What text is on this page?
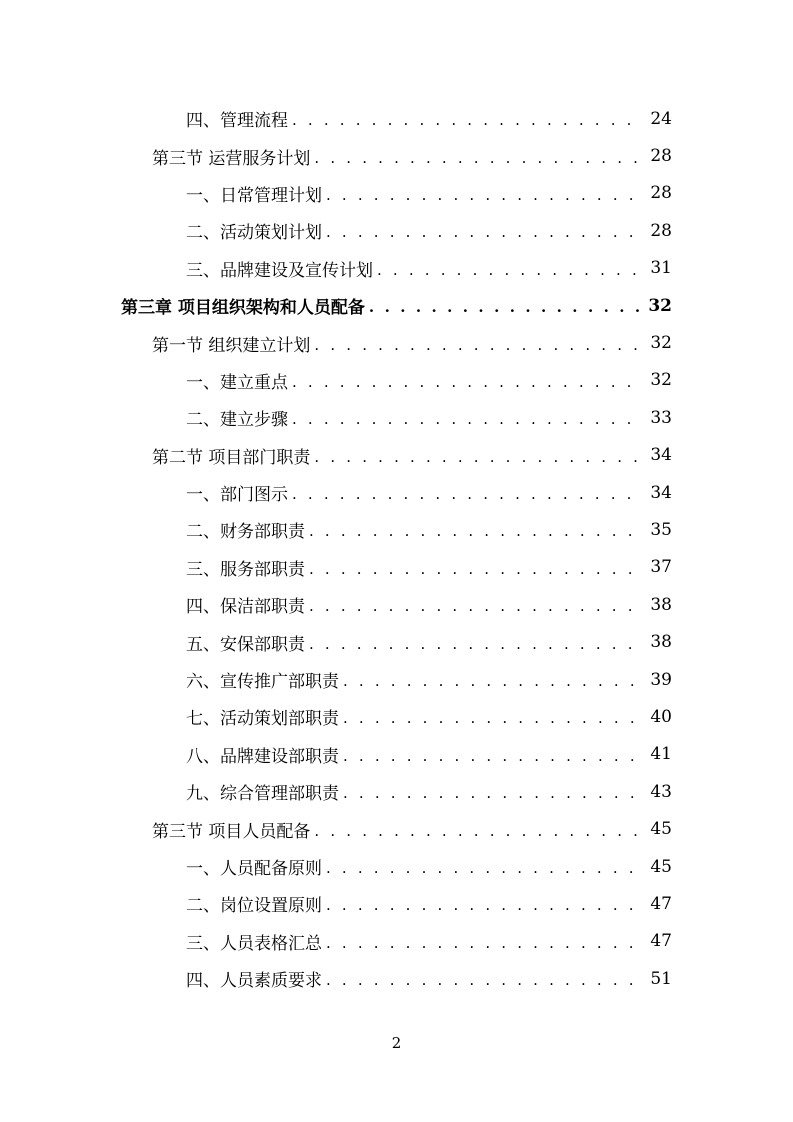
四、管理流程 . . .	24
第三节 运营服务计划 . . .	28
一、日常管理计划 . . .	28
二、活动策划计划 . . .	28
三、品牌建设及宣传计划 . . .	31
第三章 项目组织架构和人员配备 . . .	32
第一节 组织建立计划 . . .	32
一、建立重点 . . .	32
二、建立步骤 . . .	33
第二节 项目部门职责 . . .	34
一、部门图示 . . .	34
二、财务部职责 . . .	35
三、服务部职责 . . .	37
四、保洁部职责 . . .	38
五、安保部职责 . . .	38
六、宣传推广部职责 . . .	39
七、活动策划部职责 . . .	40
八、品牌建设部职责 . . .	41
九、综合管理部职责 . . .	43
第三节 项目人员配备 . . .	45
一、人员配备原则 . . .	45
二、岗位设置原则 . . .	47
三、人员表格汇总 . . .	47
四、人员素质要求 . . .	51
2
